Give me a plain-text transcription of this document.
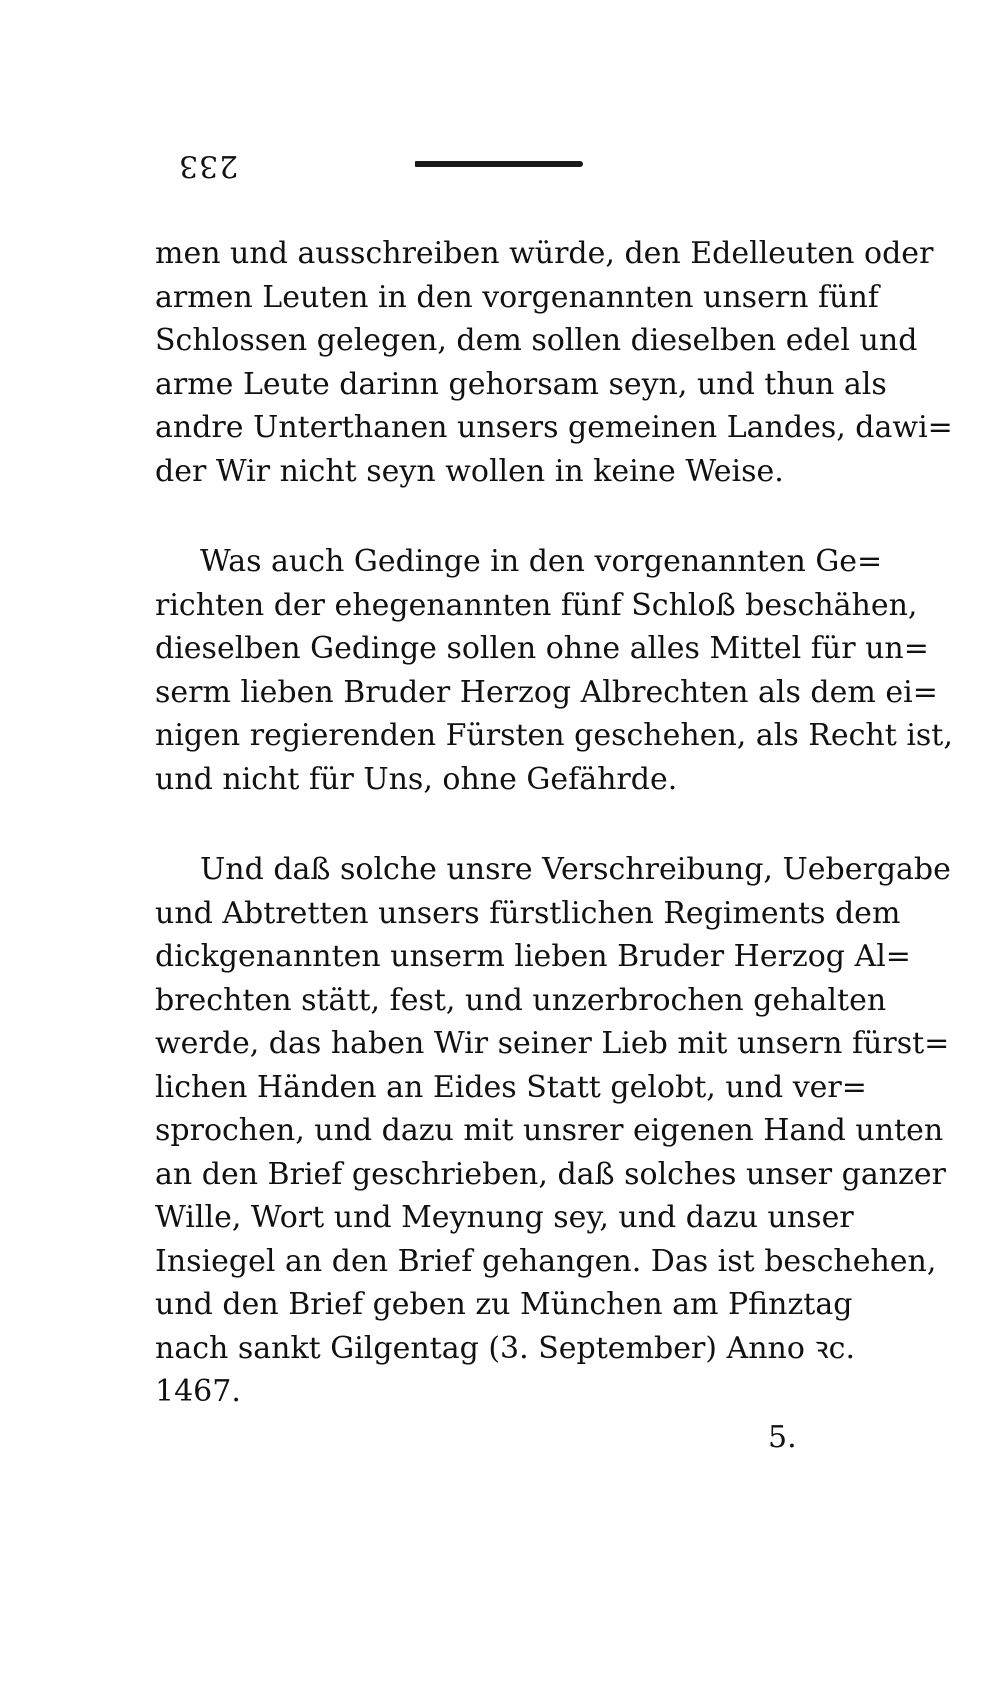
233
men und ausschreiben würde, den Edelleuten oder
armen Leuten in den vorgenannten unsern fünf
Schlossen gelegen, dem sollen dieselben edel und
arme Leute darinn gehorsam seyn, und thun als
andre Unterthanen unsers gemeinen Landes, dawi=
der Wir nicht seyn wollen in keine Weise.
Was auch Gedinge in den vorgenannten Ge=
richten der ehegenannten fünf Schloß beschähen,
dieselben Gedinge sollen ohne alles Mittel für un=
serm lieben Bruder Herzog Albrechten als dem ei=
nigen regierenden Fürsten geschehen, als Recht ist,
und nicht für Uns, ohne Gefährde.
Und daß solche unsre Verschreibung, Uebergabe
und Abtretten unsers fürstlichen Regiments dem
dickgenannten unserm lieben Bruder Herzog Al=
brechten stätt, fest, und unzerbrochen gehalten
werde, das haben Wir seiner Lieb mit unsern fürst=
lichen Händen an Eides Statt gelobt, und ver=
sprochen, und dazu mit unsrer eigenen Hand unten
an den Brief geschrieben, daß solches unser ganzer
Wille, Wort und Meynung sey, und dazu unser
Insiegel an den Brief gehangen. Das ist beschehen,
und den Brief geben zu München am Pfinztag
nach sankt Gilgentag (3. September) Anno ꝛc.
1467.
5.
